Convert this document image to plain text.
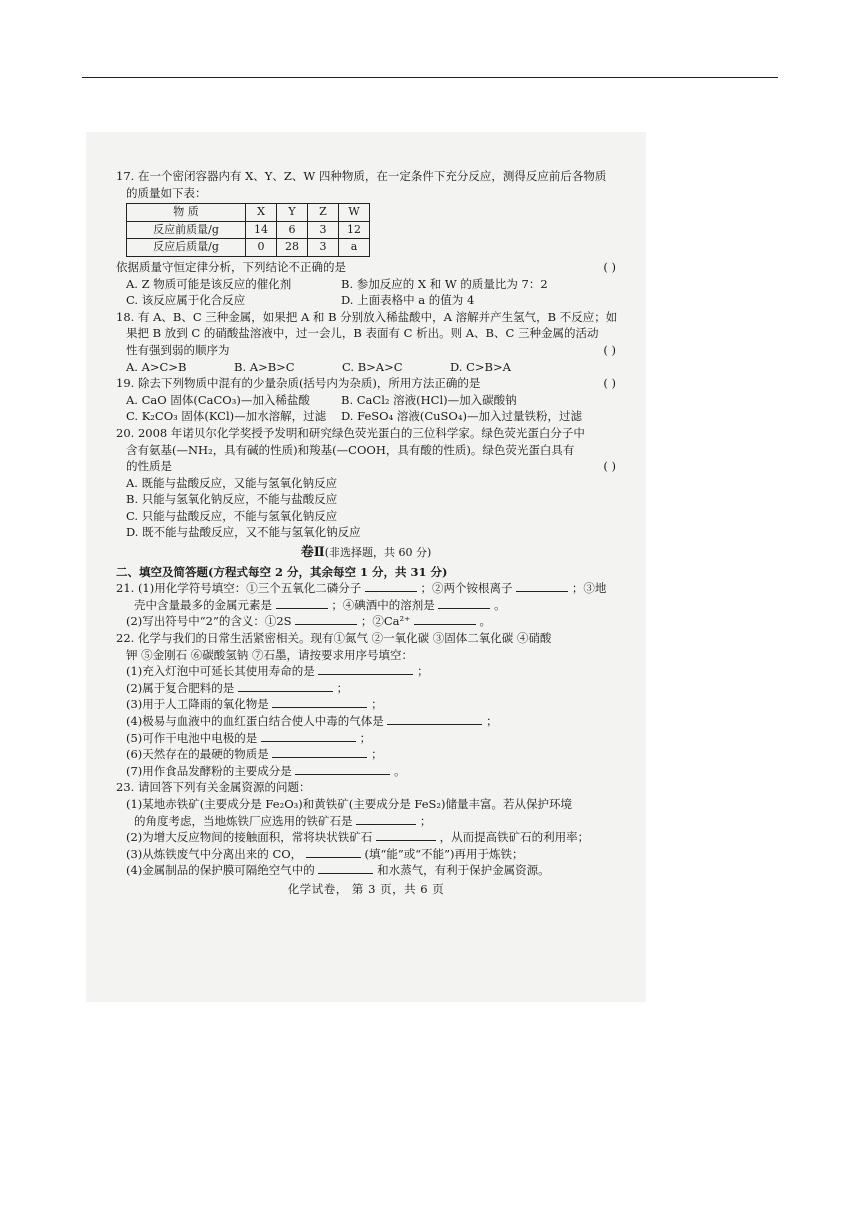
17. 在一个密闭容器内有 X、Y、Z、W 四种物质，在一定条件下充分反应，测得反应前后各物质
的质量如下表：
物 质	X	Y	Z	W
反应前质量/g	14	6	3	12
反应后质量/g	0	28	3	a
依据质量守恒定律分析，下列结论不正确的是	( )
A. Z 物质可能是该反应的催化剂	B. 参加反应的 X 和 W 的质量比为 7：2
C. 该反应属于化合反应	D. 上面表格中 a 的值为 4
18. 有 A、B、C 三种金属，如果把 A 和 B 分别放入稀盐酸中，A 溶解并产生氢气，B 不反应；如
果把 B 放到 C 的硝酸盐溶液中，过一会儿，B 表面有 C 析出。则 A、B、C 三种金属的活动
性有强到弱的顺序为	( )
A. A>C>B	B. A>B>C	C. B>A>C	D. C>B>A
19. 除去下列物质中混有的少量杂质(括号内为杂质)，所用方法正确的是	( )
A. CaO 固体(CaCO₃)—加入稀盐酸	B. CaCl₂ 溶液(HCl)—加入碳酸钠
C. K₂CO₃ 固体(KCl)—加水溶解，过滤 D. FeSO₄ 溶液(CuSO₄)—加入过量铁粉，过滤
20. 2008 年诺贝尔化学奖授予发明和研究绿色荧光蛋白的三位科学家。绿色荧光蛋白分子中
含有氨基(—NH₂，具有碱的性质)和羧基(—COOH，具有酸的性质)。绿色荧光蛋白具有
的性质是	( )
A. 既能与盐酸反应，又能与氢氧化钠反应
B. 只能与氢氧化钠反应，不能与盐酸反应
C. 只能与盐酸反应，不能与氢氧化钠反应
D. 既不能与盐酸反应，又不能与氢氧化钠反应
卷Ⅱ(非选择题，共 60 分)
二、填空及简答题(方程式每空 2 分，其余每空 1 分，共 31 分)
21. (1)用化学符号填空：①三个五氧化二磷分子	；②两个铵根离子	；③地
壳中含量最多的金属元素是	；④碘酒中的溶剂是	。
(2)写出符号中“2”的含义：①2S	；②Ca²⁺	。
22. 化学与我们的日常生活紧密相关。现有①氮气 ②一氧化碳 ③固体二氧化碳 ④硝酸
钾 ⑤金刚石 ⑥碳酸氢钠 ⑦石墨，请按要求用序号填空：
(1)充入灯泡中可延长其使用寿命的是	；
(2)属于复合肥料的是	；
(3)用于人工降雨的氧化物是	；
(4)极易与血液中的血红蛋白结合使人中毒的气体是	；
(5)可作干电池中电极的是	；
(6)天然存在的最硬的物质是	；
(7)用作食品发酵粉的主要成分是	。
23. 请回答下列有关金属资源的问题：
(1)某地赤铁矿(主要成分是 Fe₂O₃)和黄铁矿(主要成分是 FeS₂)储量丰富。若从保护环境
的角度考虑，当地炼铁厂应选用的铁矿石是	；
(2)为增大反应物间的接触面积，常将块状铁矿石	，从而提高铁矿石的利用率；
(3)从炼铁废气中分离出来的 CO，	(填“能”或“不能”)再用于炼铁；
(4)金属制品的保护膜可隔绝空气中的	和水蒸气，有利于保护金属资源。
化学试卷， 第 3 页，共 6 页
